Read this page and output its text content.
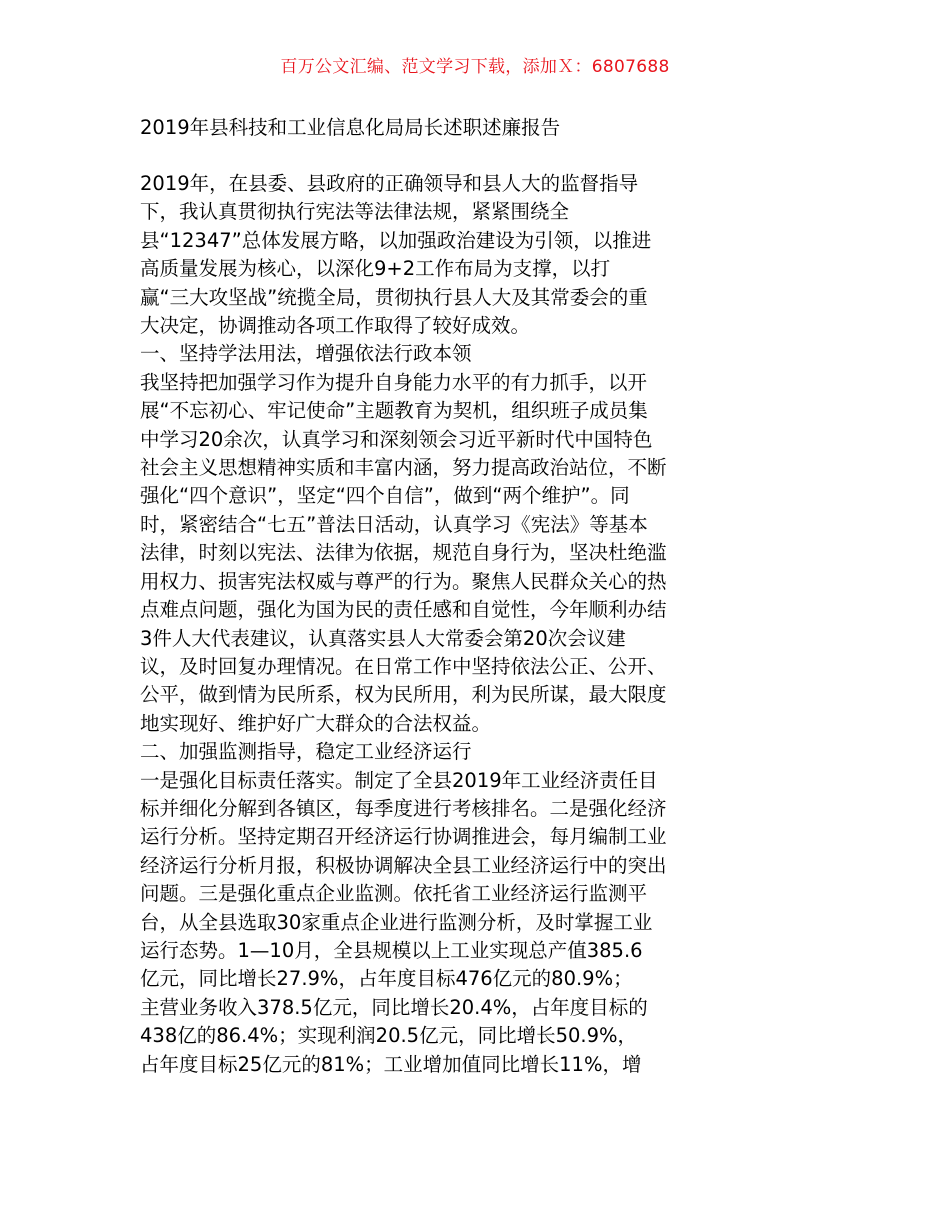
百万公文汇编、范文学习下载，添加Ｘ：6807688
2019年县科技和工业信息化局局长述职述廉报告

2019年，在县委、县政府的正确领导和县人大的监督指导
下，我认真贯彻执行宪法等法律法规，紧紧围绕全
县“12347”总体发展方略，以加强政治建设为引领，以推进
高质量发展为核心，以深化9+2工作布局为支撑，以打
赢“三大攻坚战”统揽全局，贯彻执行县人大及其常委会的重
大决定，协调推动各项工作取得了较好成效。

一、坚持学法用法，增强依法行政本领

我坚持把加强学习作为提升自身能力水平的有力抓手，以开
展“不忘初心、牢记使命”主题教育为契机，组织班子成员集
中学习20余次，认真学习和深刻领会习近平新时代中国特色
社会主义思想精神实质和丰富内涵，努力提高政治站位，不断
强化“四个意识”，坚定“四个自信”，做到“两个维护”。同
时，紧密结合“七五”普法日活动，认真学习《宪法》等基本
法律，时刻以宪法、法律为依据，规范自身行为，坚决杜绝滥
用权力、损害宪法权威与尊严的行为。聚焦人民群众关心的热
点难点问题，强化为国为民的责任感和自觉性，今年顺利办结
3件人大代表建议，认真落实县人大常委会第20次会议建
议，及时回复办理情况。在日常工作中坚持依法公正、公开、
公平，做到情为民所系，权为民所用，利为民所谋，最大限度
地实现好、维护好广大群众的合法权益。

二、加强监测指导，稳定工业经济运行

一是强化目标责任落实。制定了全县2019年工业经济责任目
标并细化分解到各镇区，每季度进行考核排名。二是强化经济
运行分析。坚持定期召开经济运行协调推进会，每月编制工业
经济运行分析月报，积极协调解决全县工业经济运行中的突出
问题。三是强化重点企业监测。依托省工业经济运行监测平
台，从全县选取30家重点企业进行监测分析，及时掌握工业
运行态势。1—10月，全县规模以上工业实现总产值385.6
亿元，同比增长27.9%，占年度目标476亿元的80.9%；
主营业务收入378.5亿元，同比增长20.4%，占年度目标的
438亿的86.4%；实现利润20.5亿元，同比增长50.9%，
占年度目标25亿元的81%；工业增加值同比增长11%，增
